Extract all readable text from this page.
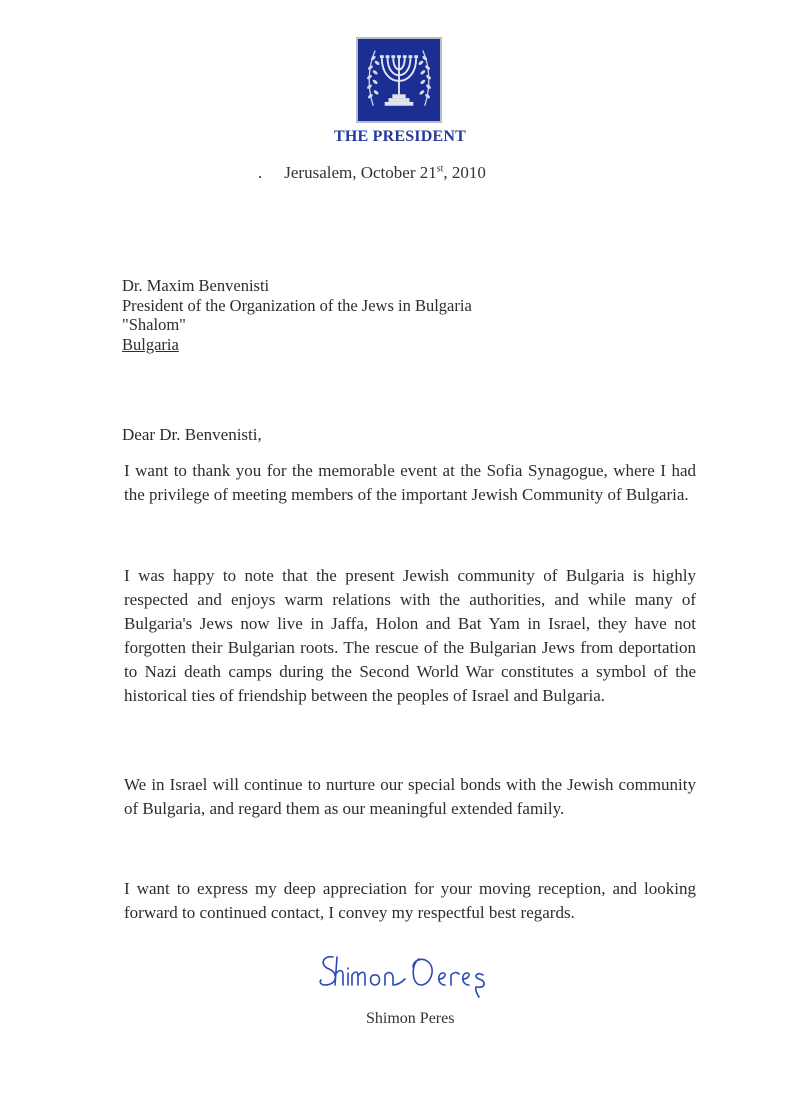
THE PRESIDENT
. Jerusalem, October 21st, 2010
Dr. Maxim Benvenisti
President of the Organization of the Jews in Bulgaria
"Shalom"
Bulgaria
Dear Dr. Benvenisti,

I want to thank you for the memorable event at the Sofia Synagogue, where I had the privilege of meeting members of the important Jewish Community of Bulgaria.

I was happy to note that the present Jewish community of Bulgaria is highly respected and enjoys warm relations with the authorities, and while many of Bulgaria's Jews now live in Jaffa, Holon and Bat Yam in Israel, they have not forgotten their Bulgarian roots. The rescue of the Bulgarian Jews from deportation to Nazi death camps during the Second World War constitutes a symbol of the historical ties of friendship between the peoples of Israel and Bulgaria.

We in Israel will continue to nurture our special bonds with the Jewish community of Bulgaria, and regard them as our meaningful extended family.

I want to express my deep appreciation for your moving reception, and looking forward to continued contact, I convey my respectful best regards.

Shimon Peres
